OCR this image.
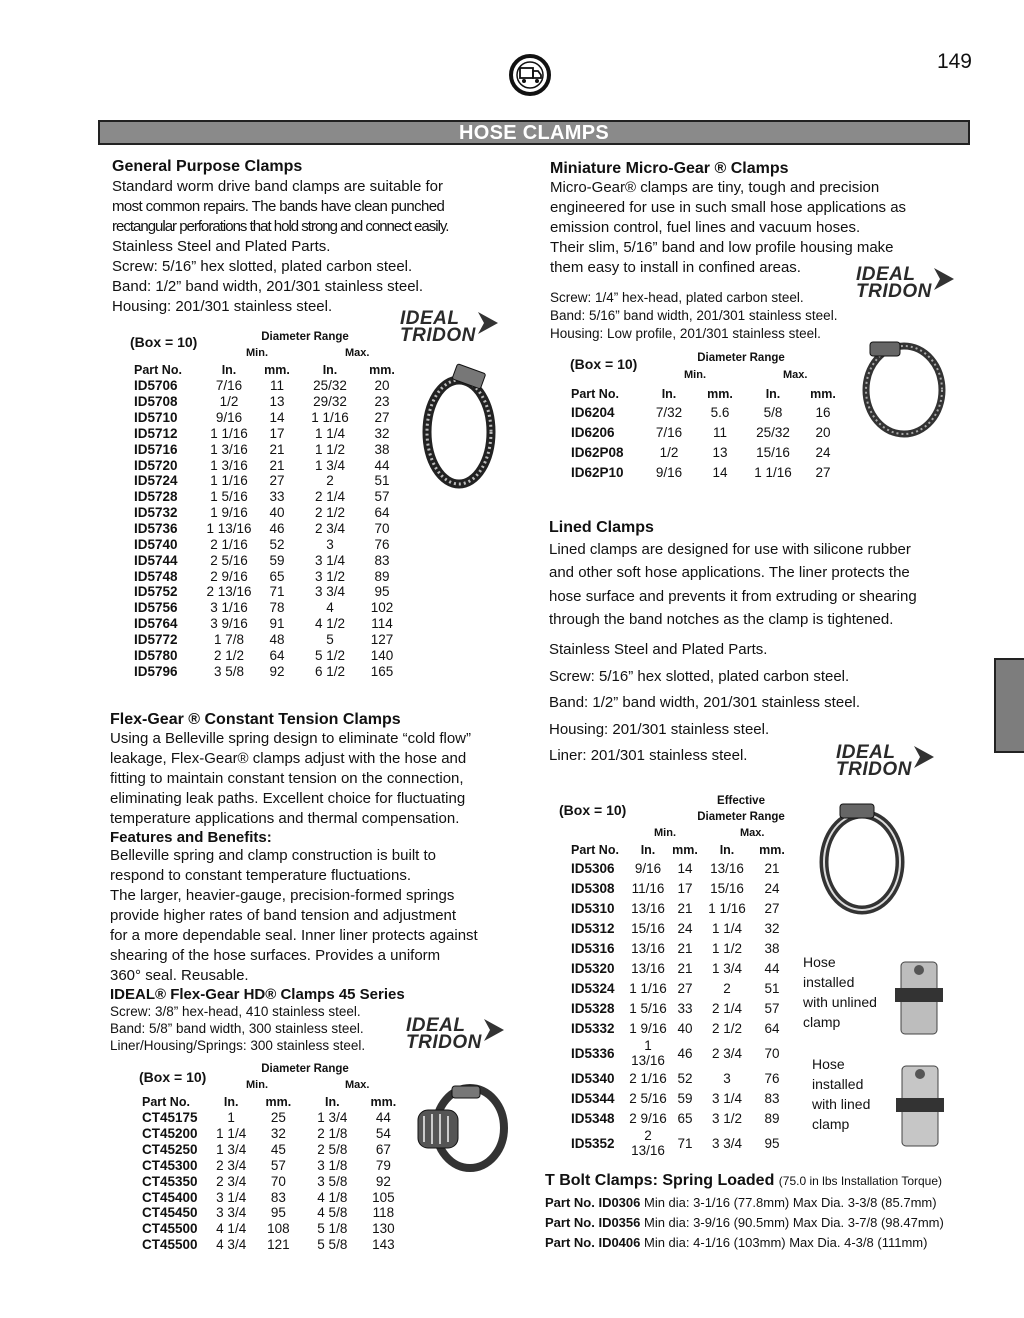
149
HOSE CLAMPS
General Purpose Clamps
Standard worm drive band clamps are suitable for
most common repairs. The bands have clean punched
rectangular perforations that hold strong and connect easily.
Stainless Steel and Plated Parts.
Screw: 5/16” hex slotted, plated carbon steel.
Band: 1/2” band width, 201/301 stainless steel.
Housing: 201/301 stainless steel.
IDEAL
TRIDON
(Box = 10)	Diameter Range
Min.	Max.
Part No.	In.	mm.	In.	mm.
ID5706	7/16	11	25/32	20
ID5708	1/2	13	29/32	23
ID5710	9/16	14	1 1/16	27
ID5712	1 1/16	17	1 1/4	32
ID5716	1 3/16	21	1 1/2	38
ID5720	1 3/16	21	1 3/4	44
ID5724	1 1/16	27	2	51
ID5728	1 5/16	33	2 1/4	57
ID5732	1 9/16	40	2 1/2	64
ID5736	1 13/16	46	2 3/4	70
ID5740	2 1/16	52	3	76
ID5744	2 5/16	59	3 1/4	83
ID5748	2 9/16	65	3 1/2	89
ID5752	2 13/16	71	3 3/4	95
ID5756	3 1/16	78	4	102
ID5764	3 9/16	91	4 1/2	114
ID5772	1 7/8	48	5	127
ID5780	2 1/2	64	5 1/2	140
ID5796	3 5/8	92	6 1/2	165
Flex-Gear ® Constant Tension Clamps
Using a Belleville spring design to eliminate “cold flow”
leakage, Flex-Gear® clamps adjust with the hose and
fitting to maintain constant tension on the connection,
eliminating leak paths. Excellent choice for fluctuating
temperature applications and thermal compensation.
Features and Benefits:
Belleville spring and clamp construction is built to
respond to constant temperature fluctuations.
The larger, heavier-gauge, precision-formed springs
provide higher rates of band tension and adjustment
for a more dependable seal. Inner liner protects against
shearing of the hose surfaces. Provides a uniform
360° seal. Reusable.
IDEAL® Flex-Gear HD® Clamps 45 Series
Screw: 3/8” hex-head, 410 stainless steel.
Band: 5/8” band width, 300 stainless steel.
Liner/Housing/Springs: 300 stainless steel.
IDEAL
TRIDON
(Box = 10)	Diameter Range
Min.	Max.
Part No.	In.	mm.	In.	mm.
CT45175	1	25	1 3/4	44
CT45200	1 1/4	32	2 1/8	54
CT45250	1 3/4	45	2 5/8	67
CT45300	2 3/4	57	3 1/8	79
CT45350	2 3/4	70	3 5/8	92
CT45400	3 1/4	83	4 1/8	105
CT45450	3 3/4	95	4 5/8	118
CT45500	4 1/4	108	5 1/8	130
CT45500	4 3/4	121	5 5/8	143
Miniature Micro-Gear ® Clamps
Micro-Gear® clamps are tiny, tough and precision
engineered for use in such small hose applications as
emission control, fuel lines and vacuum hoses.
Their slim, 5/16” band and low profile housing make
them easy to install in confined areas.
Screw: 1/4” hex-head, plated carbon steel.
Band: 5/16” band width, 201/301 stainless steel.
Housing: Low profile, 201/301 stainless steel.
IDEAL
TRIDON
(Box = 10)	Diameter Range
Min.	Max.
Part No.	In.	mm.	In.	mm.
ID6204	7/32	5.6	5/8	16
ID6206	7/16	11	25/32	20
ID62P08	1/2	13	15/16	24
ID62P10	9/16	14	1 1/16	27
Lined Clamps
Lined clamps are designed for use with silicone rubber
and other soft hose applications. The liner protects the
hose surface and prevents it from extruding or shearing
through the band notches as the clamp is tightened.
Stainless Steel and Plated Parts.
Screw: 5/16” hex slotted, plated carbon steel.
Band: 1/2” band width, 201/301 stainless steel.
Housing: 201/301 stainless steel.
Liner: 201/301 stainless steel.	IDEAL
TRIDON
(Box = 10)
Effective
Diameter Range
Min.	Max.
Part No.	In.	mm.	In.	mm.
ID5306	9/16	14	13/16	21
ID5308	11/16	17	15/16	24
ID5310	13/16	21	1 1/16	27
ID5312	15/16	24	1 1/4	32
ID5316	13/16	21	1 1/2	38
ID5320	13/16	21	1 3/4	44
ID5324	1 1/16	27	2	51
ID5328	1 5/16	33	2 1/4	57
ID5332	1 9/16	40	2 1/2	64
ID5336	1 13/16	46	2 3/4	70
ID5340	2 1/16	52	3	76
ID5344	2 5/16	59	3 1/4	83
ID5348	2 9/16	65	3 1/2	89
ID5352	2 13/16	71	3 3/4	95
Hose
installed
with unlined
clamp
Hose
installed
with lined
clamp
T Bolt Clamps: Spring Loaded (75.0 in lbs Installation Torque)
Part No. ID0306 Min dia: 3-1/16 (77.8mm) Max Dia. 3-3/8 (85.7mm)
Part No. ID0356 Min dia: 3-9/16 (90.5mm) Max Dia. 3-7/8 (98.47mm)
Part No. ID0406 Min dia: 4-1/16 (103mm) Max Dia. 4-3/8 (111mm)
